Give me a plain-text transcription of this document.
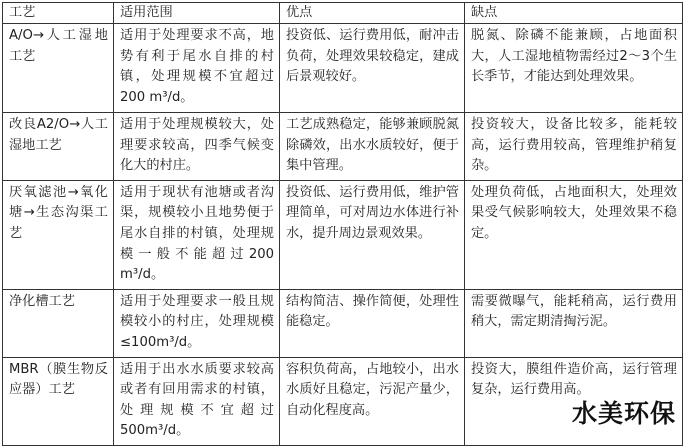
工艺	适用范围	优点	缺点

A/O→人工湿地工艺	适用于处理要求不高，地势有利于尾水自排的村镇，处理规模不宜超过200 m³/d。	投资低、运行费用低，耐冲击负荷，处理效果较稳定，建成后景观较好。	脱氮、除磷不能兼顾，占地面积大，人工湿地植物需经过2～3个生长季节，才能达到处理效果。

改良A2/O→人工湿地工艺	适用于处理规模较大，处理要求较高，四季气候变化大的村庄。	工艺成熟稳定，能够兼顾脱氮除磷效，出水水质较好，便于集中管理。	投资较大，设备比较多，能耗较高，运行费用较高，管理维护稍复杂。

厌氧滤池→氧化塘→生态沟渠工艺	适用于现状有池塘或者沟渠，规模较小且地势便于尾水自排的村镇，处理规模一般不能超过200 m³/d。	投资低、运行费用低，维护管理简单，可对周边水体进行补水，提升周边景观效果。	处理负荷低，占地面积大，处理效果受气候影响较大，处理效果不稳定。

净化槽工艺	适用于处理要求一般且规模较小的村庄，处理规模≤100m³/d。	结构简洁、操作简便，处理性能稳定。	需要微曝气，能耗稍高，运行费用稍大，需定期清掏污泥。

MBR（膜生物反应器）工艺	适用于出水水质要求较高或者有回用需求的村镇，处理规模不宜超过500m³/d。	容积负荷高，占地较小，出水水质好且稳定，污泥产量少，自动化程度高。	投资大，膜组件造价高，运行管理复杂，运行费用高。
水美环保
